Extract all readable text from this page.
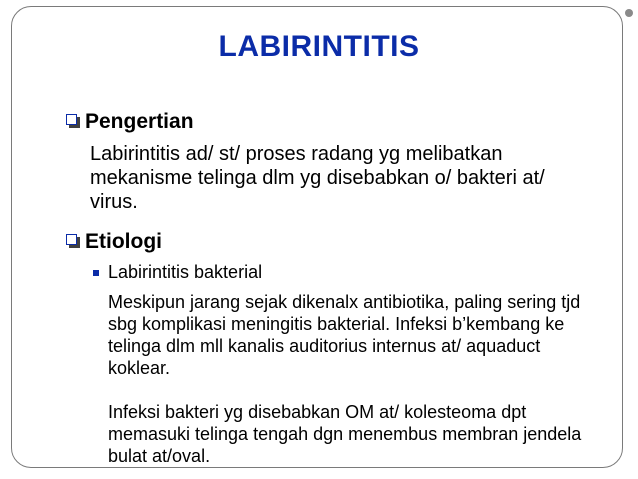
LABIRINTITIS
Pengertian
Labirintitis ad/ st/ proses radang yg melibatkan mekanisme telinga dlm yg disebabkan o/ bakteri at/ virus.
Etiologi
Labirintitis bakterial
Meskipun jarang sejak dikenalx antibiotika, paling sering tjd sbg komplikasi meningitis bakterial. Infeksi b’kembang ke telinga dlm mll kanalis auditorius internus at/ aquaduct koklear.
Infeksi bakteri yg disebabkan OM at/ kolesteoma dpt memasuki telinga tengah dgn menembus membran jendela bulat at/oval.
